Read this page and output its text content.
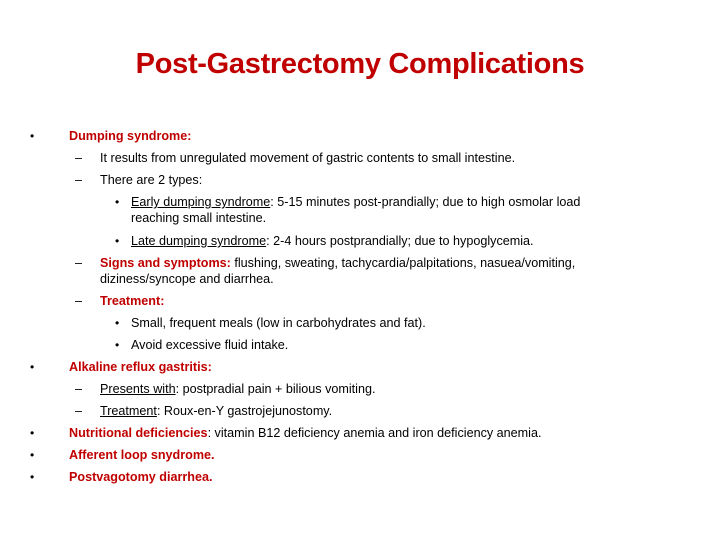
Post-Gastrectomy Complications
•	Dumping syndrome:
– It results from unregulated movement of gastric contents to small intestine.
– There are 2 types:
• Early dumping syndrome: 5-15 minutes post-prandially; due to high osmolar load
reaching small intestine.
• Late dumping syndrome: 2-4 hours postprandially; due to hypoglycemia.
– Signs and symptoms: flushing, sweating, tachycardia/palpitations, nasuea/vomiting,
diziness/syncope and diarrhea.
– Treatment:
• Small, frequent meals (low in carbohydrates and fat).
• Avoid excessive fluid intake.
•	Alkaline reflux gastritis:
– Presents with: postpradial pain + bilious vomiting.
– Treatment: Roux-en-Y gastrojejunostomy.
•	Nutritional deficiencies: vitamin B12 deficiency anemia and iron deficiency anemia.
•	Afferent loop snydrome.
•	Postvagotomy diarrhea.
